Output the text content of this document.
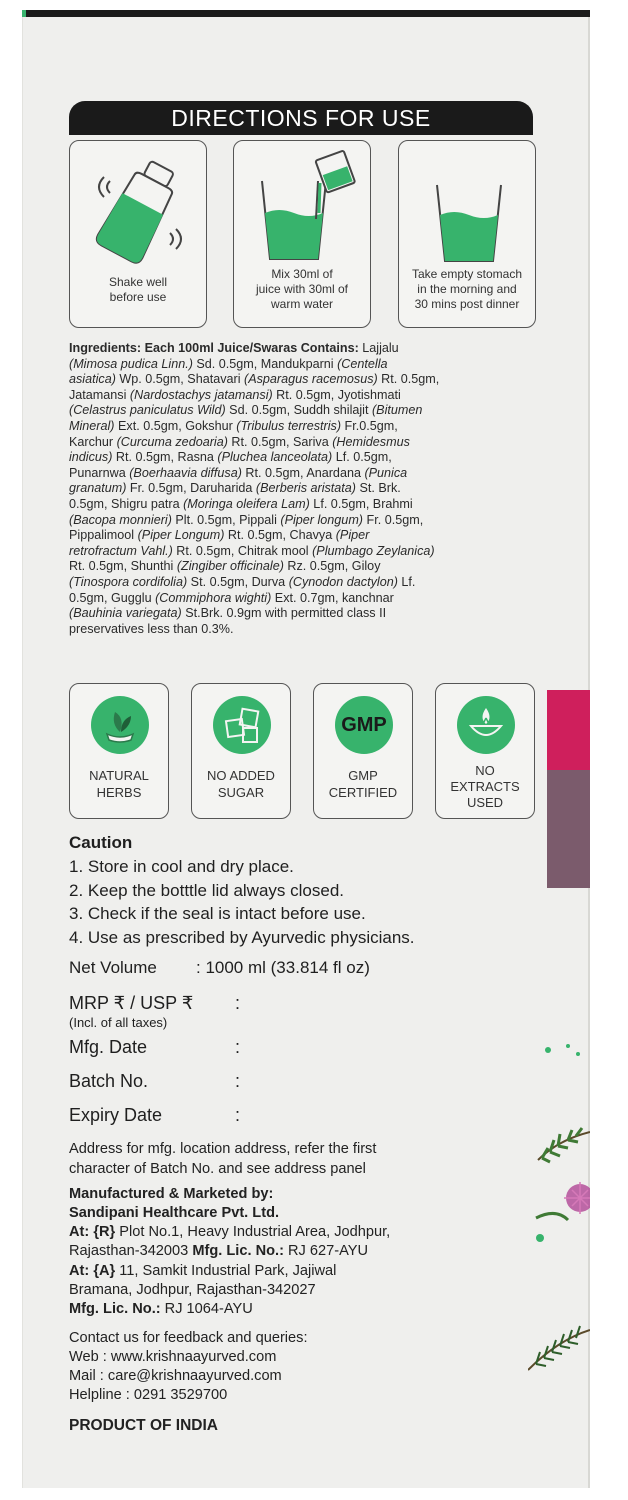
DIRECTIONS FOR USE
Shake well
before use
Mix 30ml of
juice with 30ml of
warm water
Take empty stomach
in the morning and
30 mins post dinner
Ingredients: Each 100ml Juice/Swaras Contains: Lajjalu
(Mimosa pudica Linn.) Sd. 0.5gm, Mandukparni (Centella
asiatica) Wp. 0.5gm, Shatavari (Asparagus racemosus) Rt. 0.5gm,
Jatamansi (Nardostachys jatamansi) Rt. 0.5gm, Jyotishmati
(Celastrus paniculatus Wild) Sd. 0.5gm, Suddh shilajit (Bitumen
Mineral) Ext. 0.5gm, Gokshur (Tribulus terrestris) Fr.0.5gm,
Karchur (Curcuma zedoaria) Rt. 0.5gm, Sariva (Hemidesmus
indicus) Rt. 0.5gm, Rasna (Pluchea lanceolata) Lf. 0.5gm,
Punarnwa (Boerhaavia diffusa) Rt. 0.5gm, Anardana (Punica
granatum) Fr. 0.5gm, Daruharida (Berberis aristata) St. Brk.
0.5gm, Shigru patra (Moringa oleifera Lam) Lf. 0.5gm, Brahmi
(Bacopa monnieri) Plt. 0.5gm, Pippali (Piper longum) Fr. 0.5gm,
Pippalimool (Piper Longum) Rt. 0.5gm, Chavya (Piper
retrofractum Vahl.) Rt. 0.5gm, Chitrak mool (Plumbago Zeylanica)
Rt. 0.5gm, Shunthi (Zingiber officinale) Rz. 0.5gm, Giloy
(Tinospora cordifolia) St. 0.5gm, Durva (Cynodon dactylon) Lf.
0.5gm, Gugglu (Commiphora wighti) Ext. 0.7gm, kanchnar
(Bauhinia variegata) St.Brk. 0.9gm with permitted class II
preservatives less than 0.3%.
NATURAL
HERBS
NO ADDED
SUGAR
GMP
GMP
CERTIFIED
NO
EXTRACTS
USED
Caution
1. Store in cool and dry place.
2. Keep the botttle lid always closed.
3. Check if the seal is intact before use.
4. Use as prescribed by Ayurvedic physicians.
Net Volume : 1000 ml (33.814 fl oz)
MRP ₹ / USP ₹ :
(Incl. of all taxes)
Mfg. Date	:
Batch No.	:
Expiry Date	:
Address for mfg. location address, refer the first
character of Batch No. and see address panel
Manufactured & Marketed by:
Sandipani Healthcare Pvt. Ltd.
At: {R} Plot No.1, Heavy Industrial Area, Jodhpur,
Rajasthan-342003 Mfg. Lic. No.: RJ 627-AYU
At: {A} 11, Samkit Industrial Park, Jajiwal
Bramana, Jodhpur, Rajasthan-342027
Mfg. Lic. No.: RJ 1064-AYU
Contact us for feedback and queries:
Web : www.krishnaayurved.com
Mail : care@krishnaayurved.com
Helpline : 0291 3529700
PRODUCT OF INDIA
